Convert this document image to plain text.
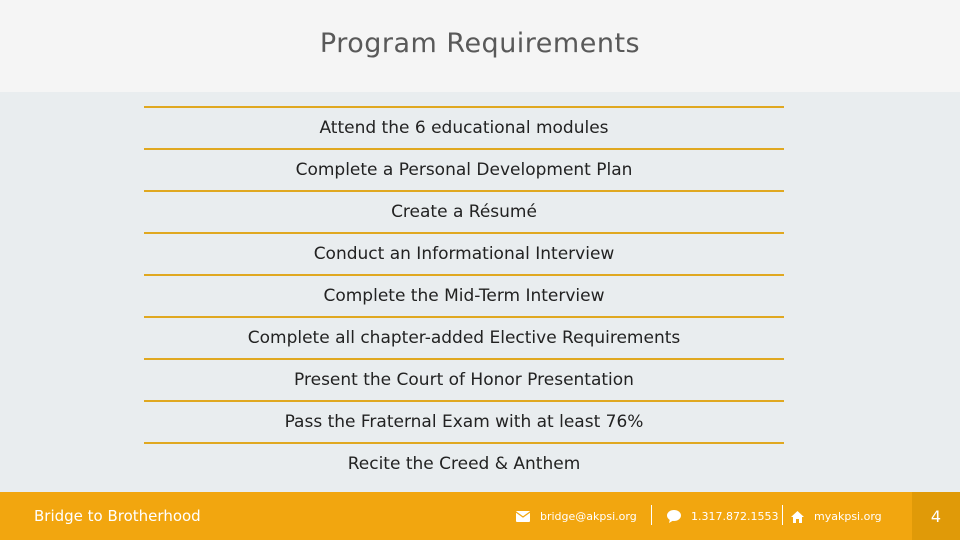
Program Requirements
Attend the 6 educational modules
Complete a Personal Development Plan
Create a Résumé
Conduct an Informational Interview
Complete the Mid-Term Interview
Complete all chapter-added Elective Requirements
Present the Court of Honor Presentation
Pass the Fraternal Exam with at least 76%
Recite the Creed & Anthem
Bridge to Brotherhood	bridge@akpsi.org	1.317.872.1553	myakpsi.org	4
